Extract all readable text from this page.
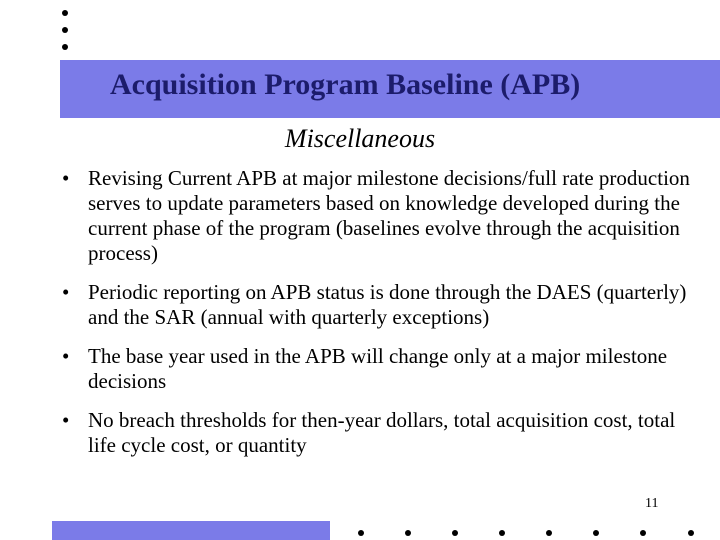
Acquisition Program Baseline (APB)
Miscellaneous
• Revising Current APB at major milestone decisions/full rate production serves to update parameters based on knowledge developed during the current phase of the program (baselines evolve through the acquisition process)
• Periodic reporting on APB status is done through the DAES (quarterly) and the SAR (annual with quarterly exceptions)
• The base year used in the APB will change only at a major milestone decisions
• No breach thresholds for then-year dollars, total acquisition cost, total life cycle cost, or quantity
11
